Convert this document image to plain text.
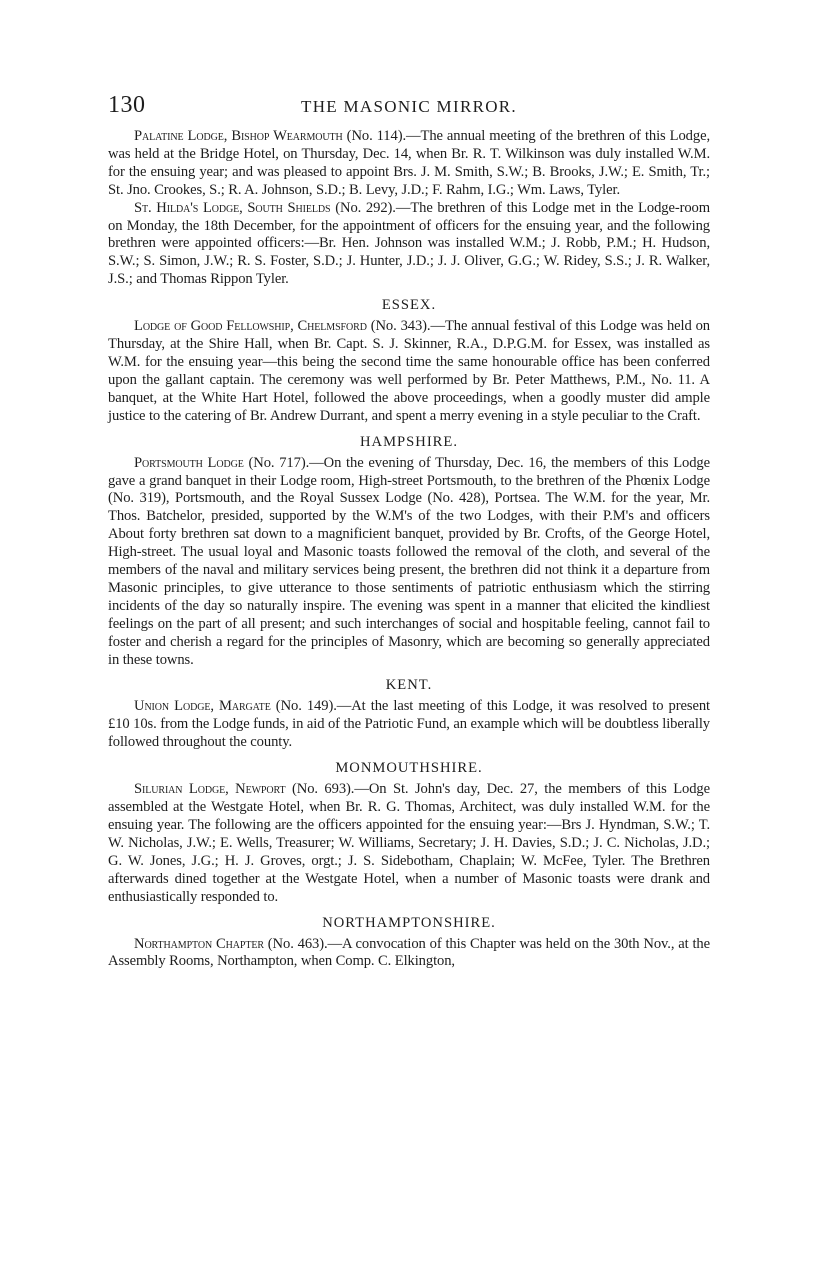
130	THE MASONIC MIRROR.

Palatine Lodge, Bishop Wearmouth (No. 114).—The annual meeting of the brethren of this Lodge, was held at the Bridge Hotel, on Thursday, Dec. 14, when Br. R. T. Wilkinson was duly installed W.M. for the ensuing year; and was pleased to appoint Brs. J. M. Smith, S.W.; B. Brooks, J.W.; E. Smith, Tr.; St. Jno. Crookes, S.; R. A. Johnson, S.D.; B. Levy, J.D.; F. Rahm, I.G.; Wm. Laws, Tyler.

St. Hilda's Lodge, South Shields (No. 292).—The brethren of this Lodge met in the Lodge-room on Monday, the 18th December, for the appointment of officers for the ensuing year, and the following brethren were appointed officers:—Br. Hen. Johnson was installed W.M.; J. Robb, P.M.; H. Hudson, S.W.; S. Simon, J.W.; R. S. Foster, S.D.; J. Hunter, J.D.; J. J. Oliver, G.G.; W. Ridey, S.S.; J. R. Walker, J.S.; and Thomas Rippon Tyler.

ESSEX.

Lodge of Good Fellowship, Chelmsford (No. 343).—The annual festival of this Lodge was held on Thursday, at the Shire Hall, when Br. Capt. S. J. Skinner, R.A., D.P.G.M. for Essex, was installed as W.M. for the ensuing year—this being the second time the same honourable office has been conferred upon the gallant captain. The ceremony was well performed by Br. Peter Matthews, P.M., No. 11. A banquet, at the White Hart Hotel, followed the above proceedings, when a goodly muster did ample justice to the catering of Br. Andrew Durrant, and spent a merry evening in a style peculiar to the Craft.

HAMPSHIRE.

Portsmouth Lodge (No. 717).—On the evening of Thursday, Dec. 16, the members of this Lodge gave a grand banquet in their Lodge room, High-street Portsmouth, to the brethren of the Phœnix Lodge (No. 319), Portsmouth, and the Royal Sussex Lodge (No. 428), Portsea. The W.M. for the year, Mr. Thos. Batchelor, presided, supported by the W.M's of the two Lodges, with their P.M's and officers About forty brethren sat down to a magnificient banquet, provided by Br. Crofts, of the George Hotel, High-street. The usual loyal and Masonic toasts followed the removal of the cloth, and several of the members of the naval and military services being present, the brethren did not think it a departure from Masonic principles, to give utterance to those sentiments of patriotic enthusiasm which the stirring incidents of the day so naturally inspire. The evening was spent in a manner that elicited the kindliest feelings on the part of all present; and such interchanges of social and hospitable feeling, cannot fail to foster and cherish a regard for the principles of Masonry, which are becoming so generally appreciated in these towns.

KENT.

Union Lodge, Margate (No. 149).—At the last meeting of this Lodge, it was resolved to present £10 10s. from the Lodge funds, in aid of the Patriotic Fund, an example which will be doubtless liberally followed throughout the county.

MONMOUTHSHIRE.

Silurian Lodge, Newport (No. 693).—On St. John's day, Dec. 27, the members of this Lodge assembled at the Westgate Hotel, when Br. R. G. Thomas, Architect, was duly installed W.M. for the ensuing year. The following are the officers appointed for the ensuing year:—Brs J. Hyndman, S.W.; T. W. Nicholas, J.W.; E. Wells, Treasurer; W. Williams, Secretary; J. H. Davies, S.D.; J. C. Nicholas, J.D.; G. W. Jones, J.G.; H. J. Groves, orgt.; J. S. Sidebotham, Chaplain; W. McFee, Tyler. The Brethren afterwards dined together at the Westgate Hotel, when a number of Masonic toasts were drank and enthusiastically responded to.

NORTHAMPTONSHIRE.

Northampton Chapter (No. 463).—A convocation of this Chapter was held on the 30th Nov., at the Assembly Rooms, Northampton, when Comp. C. Elkington,
